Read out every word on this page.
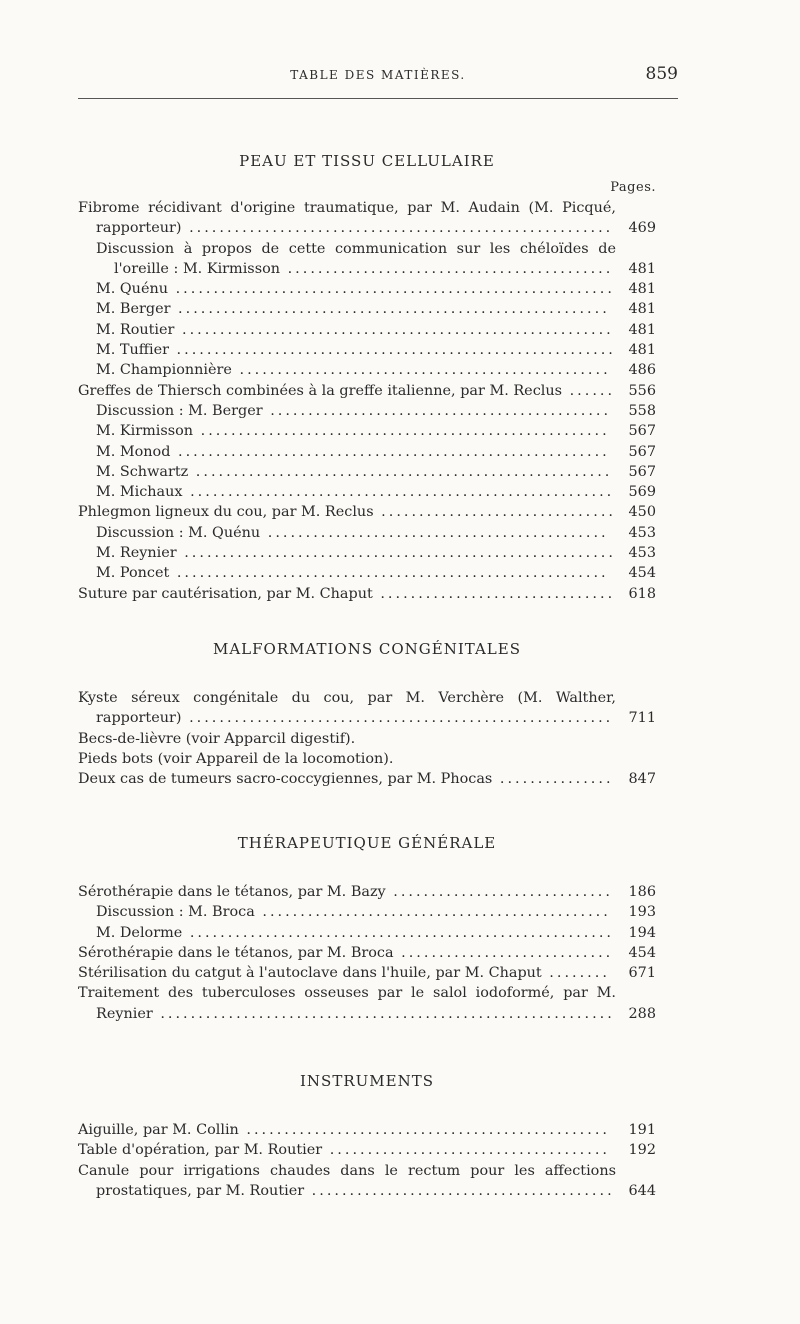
TABLE DES MATIÈRES.	859
PEAU ET TISSU CELLULAIRE
Pages.
Fibrome récidivant d'origine traumatique, par M. Audain (M. Picqué, rapporteur) ........................................................	469
Discussion à propos de cette communication sur les chéloïdes de l'oreille : M. Kirmisson ...........................................	481
M. Quénu .......................................................... 481
M. Berger .........................................................	481
M. Routier .........................................................	481
M. Tuffier .......................................................... 481
M. Championnière .................................................	486
Greffes de Thiersch combinées à la greffe italienne, par M. Reclus ...... 556
Discussion : M. Berger .............................................	558
M. Kirmisson ......................................................	567
M. Monod .........................................................	567
M. Schwartz .......................................................	567
M. Michaux ........................................................ 569
Phlegmon ligneux du cou, par M. Reclus ............................... 450
Discussion : M. Quénu .............................................	453
M. Reynier ......................................................... 453
M. Poncet .........................................................	454
Suture par cautérisation, par M. Chaput ............................... 618
MALFORMATIONS CONGÉNITALES
Kyste séreux congénitale du cou, par M. Verchère (M. Walther, rapporteur) ........................................................	711
Becs-de-lièvre (voir Apparcil digestif).
Pieds bots (voir Appareil de la locomotion).
Deux cas de tumeurs sacro-coccygiennes, par M. Phocas ...............	847
THÉRAPEUTIQUE GÉNÉRALE
Sérothérapie dans le tétanos, par M. Bazy .............................	186
Discussion : M. Broca ..............................................	193
M. Delorme ........................................................	194
Sérothérapie dans le tétanos, par M. Broca ............................	454
Stérilisation du catgut à l'autoclave dans l'huile, par M. Chaput ........	671
Traitement des tuberculoses osseuses par le salol iodoformé, par M. Reynier ............................................................ 288
INSTRUMENTS
Aiguille, par M. Collin ................................................	191
Table d'opération, par M. Routier .....................................	192
Canule pour irrigations chaudes dans le rectum pour les affections prostatiques, par M. Routier ........................................ 644
